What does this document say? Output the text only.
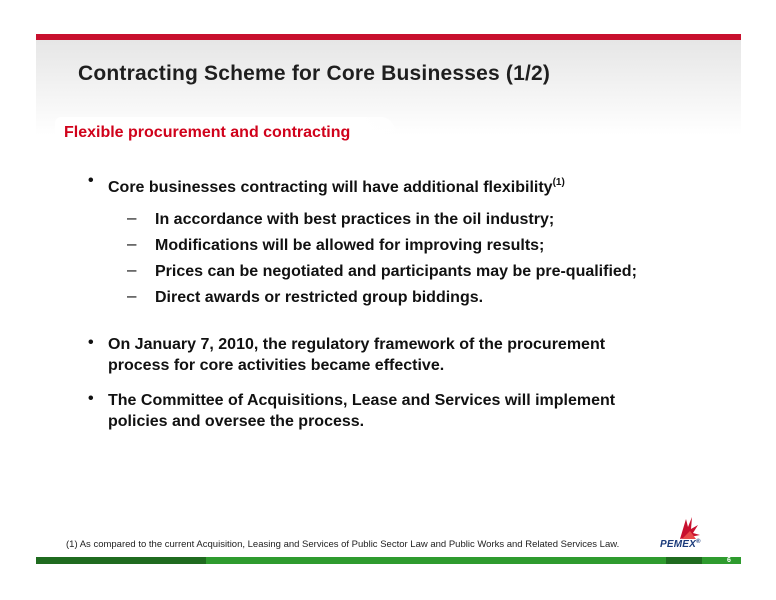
Contracting Scheme for Core Businesses (1/2)
Flexible procurement and contracting
• Core businesses contracting will have additional flexibility$^{(1)}$
– In accordance with best practices in the oil industry;
– Modifications will be allowed for improving results;
– Prices can be negotiated and participants may be pre-qualified;
– Direct awards or restricted group biddings.
• On January 7, 2010, the regulatory framework of the procurement
process for core activities became effective.
• The Committee of Acquisitions, Lease and Services will implement
policies and oversee the process.
(1) As compared to the current Acquisition, Leasing and Services of Public Sector Law and Public Works and Related Services Law.	PEMEX®
6
